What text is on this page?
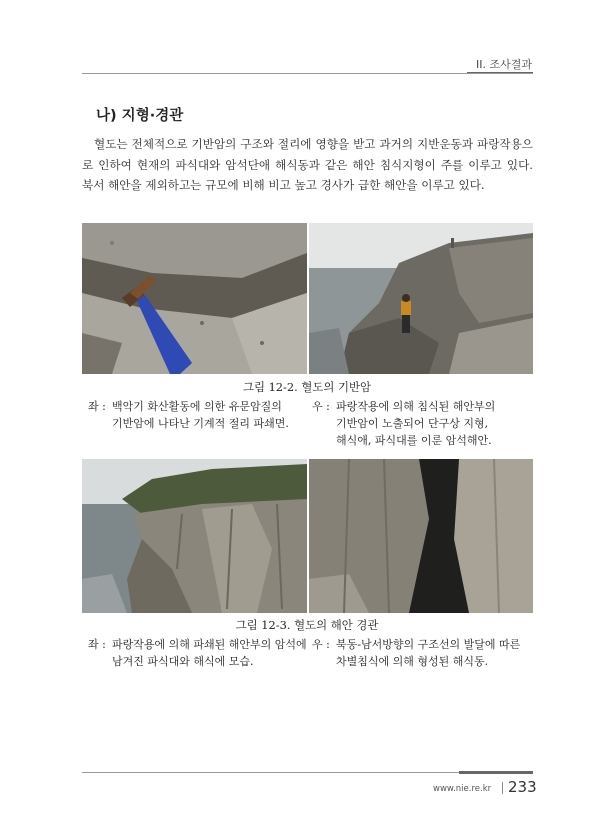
II. 조사결과
나) 지형·경관

혈도는 전체적으로 기반암의 구조와 절리에 영향을 받고 과거의 지반운동과 파랑작용으로 인하여 현재의 파식대와 암석단애 해식동과 같은 해안 침식지형이 주를 이루고 있다. 북서 해안을 제외하고는 규모에 비해 비고 높고 경사가 급한 해안을 이루고 있다.

그림 12-2. 혈도의 기반암
좌 : 백악기 화산활동에 의한 유문암질의
기반암에 나타난 기계적 절리 파쇄면.
우 : 파랑작용에 의해 침식된 해안부의
기반암이 노출되어 단구상 지형,
해식애, 파식대를 이룬 암석해안.
그림 12-3. 혈도의 해안 경관
좌 : 파랑작용에 의해 파쇄된 해안부의 암석에
남겨진 파식대와 해식에 모습.
우 : 북동-남서방향의 구조선의 발달에 따른
차별침식에 의해 형성된 해식동.
www.nie.re.kr 233
